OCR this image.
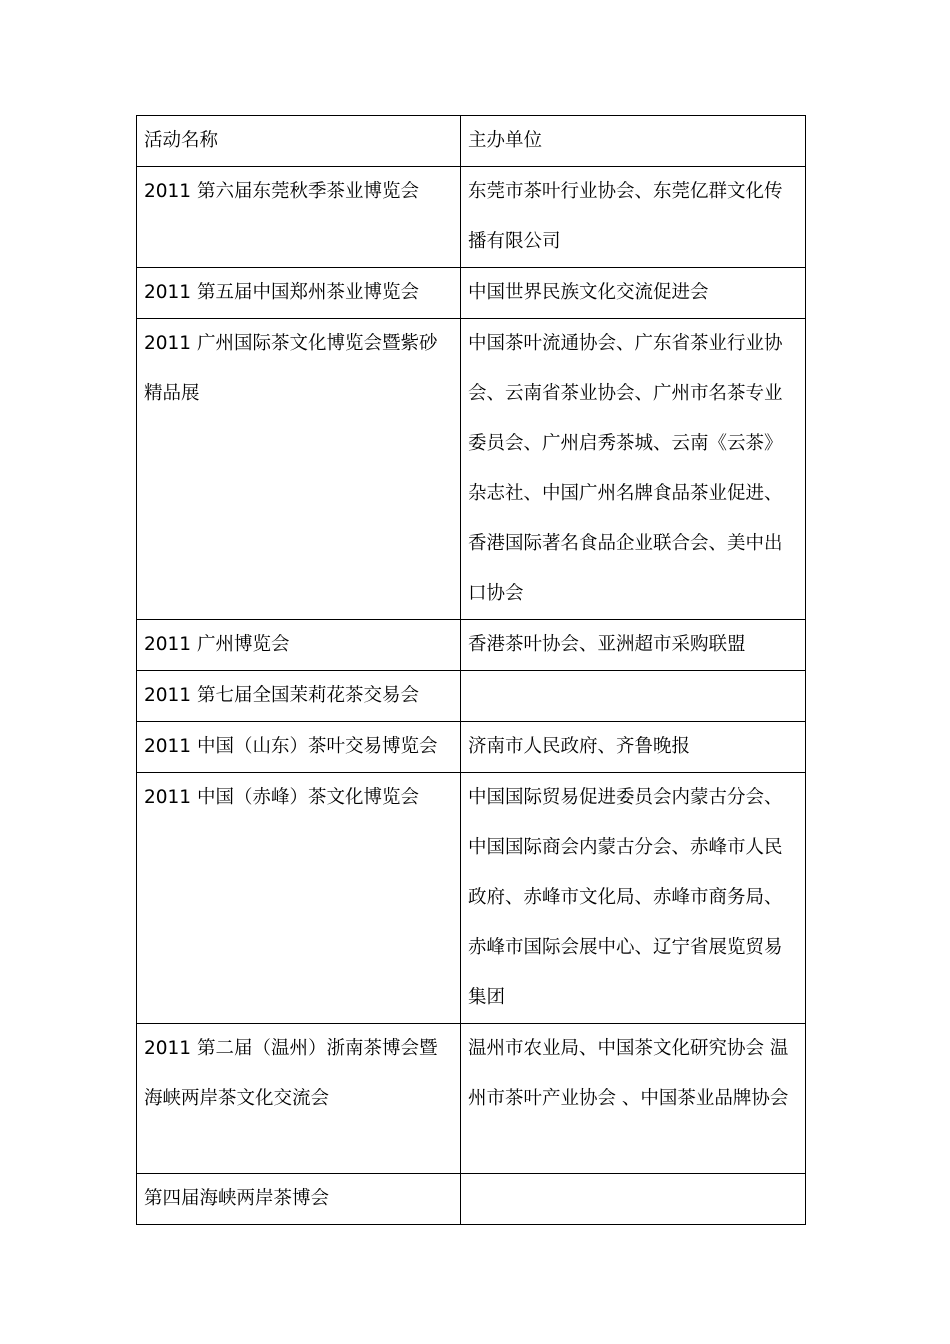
活动名称	主办单位
2011 第六届东莞秋季茶业博览会	东莞市茶叶行业协会、东莞亿群文化传播有限公司
2011 第五届中国郑州茶业博览会	中国世界民族文化交流促进会
2011 广州国际茶文化博览会暨紫砂精品展	中国茶叶流通协会、广东省茶业行业协会、云南省茶业协会、广州市名茶专业委员会、广州启秀茶城、云南《云茶》杂志社、中国广州名牌食品茶业促进、香港国际著名食品企业联合会、美中出口协会
2011 广州博览会	香港茶叶协会、亚洲超市采购联盟
2011 第七届全国茉莉花茶交易会	
2011 中国（山东）茶叶交易博览会	济南市人民政府、齐鲁晚报
2011 中国（赤峰）茶文化博览会	中国国际贸易促进委员会内蒙古分会、中国国际商会内蒙古分会、赤峰市人民政府、赤峰市文化局、赤峰市商务局、赤峰市国际会展中心、辽宁省展览贸易集团
2011 第二届（温州）浙南茶博会暨海峡两岸茶文化交流会	温州市农业局、中国茶文化研究协会 温州市茶叶产业协会 、中国茶业品牌协会
第四届海峡两岸茶博会	
